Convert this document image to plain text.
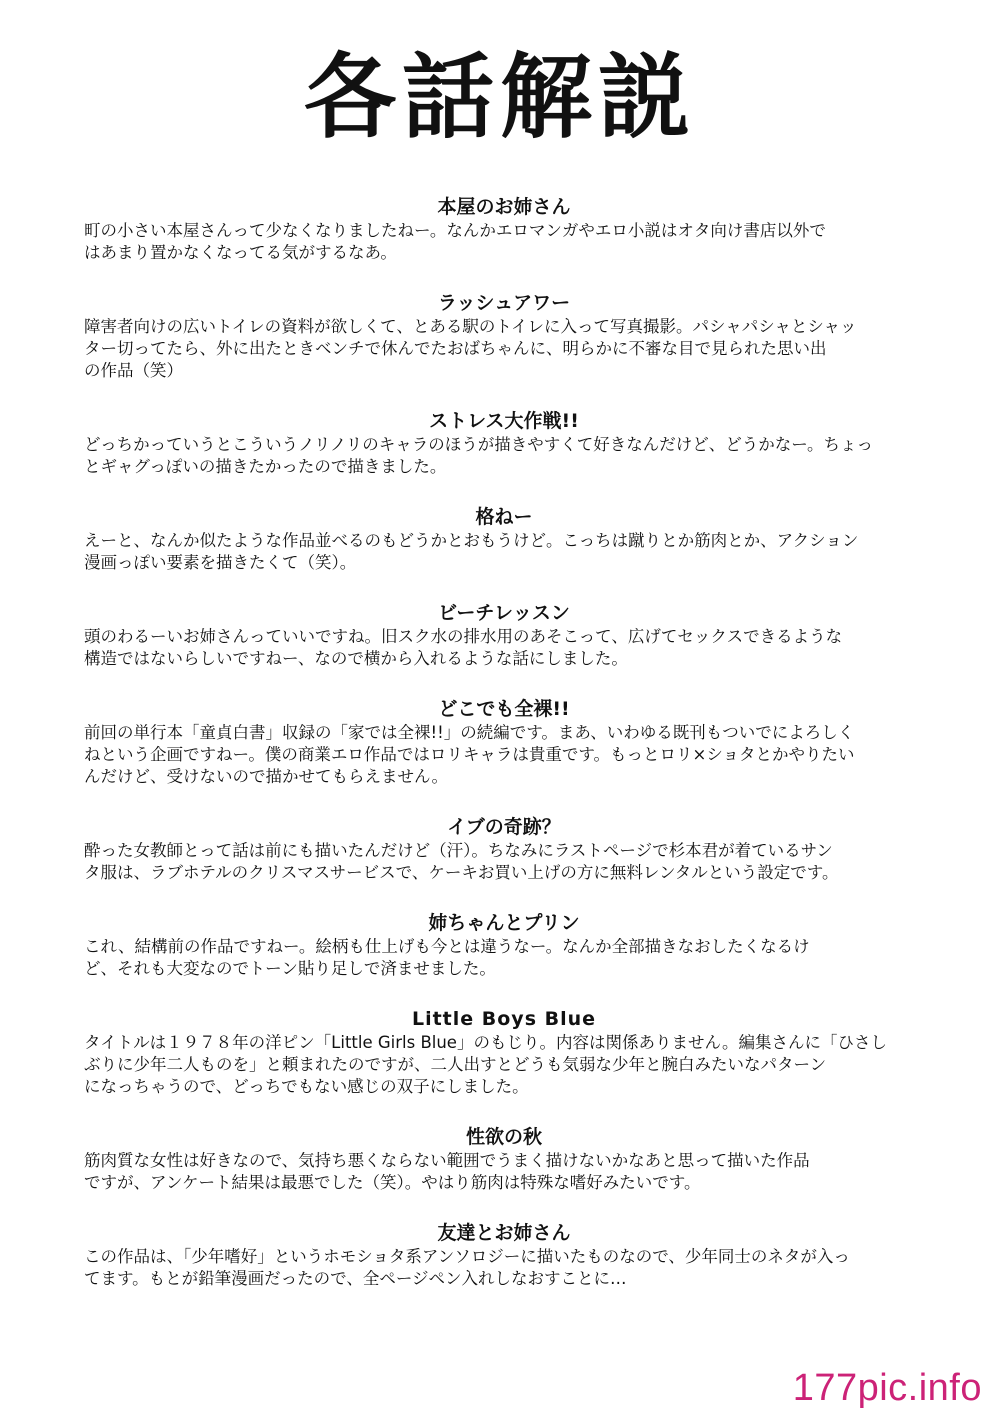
各話解説
本屋のお姉さん
町の小さい本屋さんって少なくなりましたねー。なんかエロマンガやエロ小説はオタ向け書店以外で
はあまり置かなくなってる気がするなあ。
ラッシュアワー
障害者向けの広いトイレの資料が欲しくて、とある駅のトイレに入って写真撮影。パシャパシャとシャッ
ター切ってたら、外に出たときベンチで休んでたおばちゃんに、明らかに不審な目で見られた思い出
の作品（笑）
ストレス大作戦!!
どっちかっていうとこういうノリノリのキャラのほうが描きやすくて好きなんだけど、どうかなー。ちょっ
とギャグっぽいの描きたかったので描きました。
格ねー
えーと、なんか似たような作品並べるのもどうかとおもうけど。こっちは蹴りとか筋肉とか、アクション
漫画っぽい要素を描きたくて（笑）。
ビーチレッスン
頭のわるーいお姉さんっていいですね。旧スク水の排水用のあそこって、広げてセックスできるような
構造ではないらしいですねー、なので横から入れるような話にしました。
どこでも全裸!!
前回の単行本「童貞白書」収録の「家では全裸!!」の続編です。まあ、いわゆる既刊もついでによろしく
ねという企画ですねー。僕の商業エロ作品ではロリキャラは貴重です。もっとロリ×ショタとかやりたい
んだけど、受けないので描かせてもらえません。
イブの奇跡？
酔った女教師とって話は前にも描いたんだけど（汗）。ちなみにラストページで杉本君が着ているサン
タ服は、ラブホテルのクリスマスサービスで、ケーキお買い上げの方に無料レンタルという設定です。
姉ちゃんとプリン
これ、結構前の作品ですねー。絵柄も仕上げも今とは違うなー。なんか全部描きなおしたくなるけ
ど、それも大変なのでトーン貼り足しで済ませました。
Little Boys Blue
タイトルは１９７８年の洋ピン「Little Girls Blue」のもじり。内容は関係ありません。編集さんに「ひさし
ぶりに少年二人ものを」と頼まれたのですが、二人出すとどうも気弱な少年と腕白みたいなパターン
になっちゃうので、どっちでもない感じの双子にしました。
性欲の秋
筋肉質な女性は好きなので、気持ち悪くならない範囲でうまく描けないかなあと思って描いた作品
ですが、アンケート結果は最悪でした（笑）。やはり筋肉は特殊な嗜好みたいです。
友達とお姉さん
この作品は、「少年嗜好」というホモショタ系アンソロジーに描いたものなので、少年同士のネタが入っ
てます。もとが鉛筆漫画だったので、全ページペン入れしなおすことに…
177pic.info
